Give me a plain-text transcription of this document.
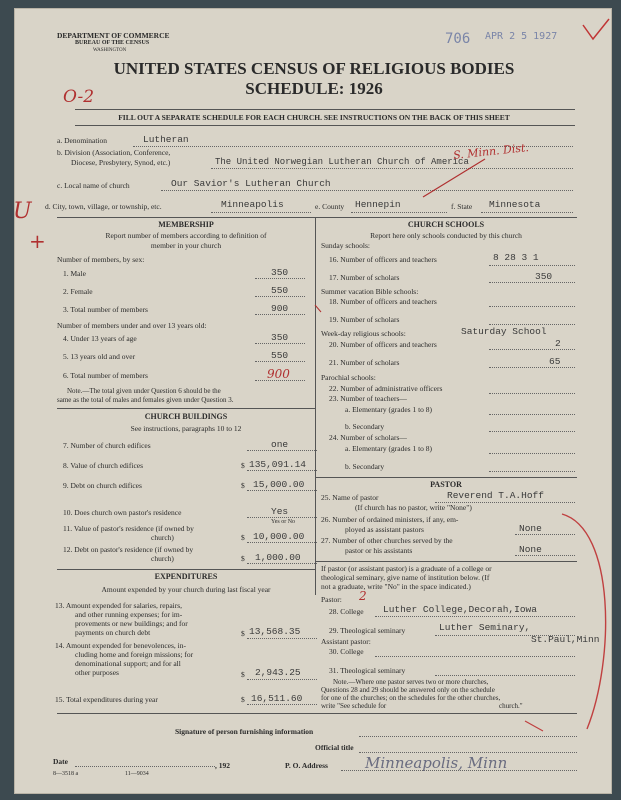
DEPARTMENT OF COMMERCE
BUREAU OF THE CENSUS
WASHINGTON
706 APR 2 5 1927
UNITED STATES CENSUS OF RELIGIOUS BODIES
SCHEDULE: 1926
O-2
FILL OUT A SEPARATE SCHEDULE FOR EACH CHURCH. SEE INSTRUCTIONS ON THE BACK OF THIS SHEET
a. Denomination	Lutheran
b. Division (Association, Conference,
Diocese, Presbytery, Synod, etc.)	The United Norwegian Lutheran Church of America
S. Minn. Dist.
c. Local name of church	Our Savior's Lutheran Church
d. City, town, village, or township, etc.	Minneapolis	e. County Hennepin	f. State Minnesota
U
+
MEMBERSHIP
Report number of members according to definition of
member in your church
Number of members, by sex:
1. Male	350
2. Female	550
3. Total number of members	900
Number of members under and over 13 years old:
4. Under 13 years of age	350
5. 13 years old and over	550
6. Total number of members	900
Note.—The total given under Question 6 should be the
same as the total of males and females given under Question 3.
CHURCH BUILDINGS
See instructions, paragraphs 10 to 12
7. Number of church edifices	one
8. Value of church edifices	$ 135,091.14
9. Debt on church edifices	$ 15,000.00
10. Does church own pastor's residence	Yes
Yes or No
11. Value of pastor's residence (if owned by
church)	$ 10,000.00
12. Debt on pastor's residence (if owned by
church)	$ 1,000.00
EXPENDITURES
Amount expended by your church during last fiscal year
13. Amount expended for salaries, repairs,
and other running expenses; for im-
provements or new buildings; and for
payments on church debt	$ 13,568.35
14. Amount expended for benevolences, in-
cluding home and foreign missions; for
denominational support; and for all
other purposes	$ 2,943.25
15. Total expenditures during year	$ 16,511.60
CHURCH SCHOOLS
Report here only schools conducted by this church
Sunday schools:
16. Number of officers and teachers	8 28 3 1
17. Number of scholars	350
Summer vacation Bible schools:
18. Number of officers and teachers
19. Number of scholars
Week-day religious schools:	Saturday School
20. Number of officers and teachers	2
21. Number of scholars	65
Parochial schools:
22. Number of administrative officers
23. Number of teachers—
a. Elementary (grades 1 to 8)
b. Secondary
24. Number of scholars—
a. Elementary (grades 1 to 8)
b. Secondary
PASTOR
25. Name of pastor	Reverend T.A.Hoff
(If church has no pastor, write "None")
26. Number of ordained ministers, if any, em-
ployed as assistant pastors	None
27. Number of other churches served by the
pastor or his assistants	None
If pastor (or assistant pastor) is a graduate of a college or
theological seminary, give name of institution below. (If
not a graduate, write "No" in the space indicated.)
Pastor: 2
28. College Luther College,Decorah,Iowa
29. Theological seminary	Luther Seminary,
St.Paul,Minn
Assistant pastor:
30. College
31. Theological seminary
Note.—Where one pastor serves two or more churches,
Questions 28 and 29 should be answered only on the schedule
for one of the churches; on the schedules for the other churches,
write "See schedule for	church."
Signature of person furnishing information
Official title
Date	, 192	P. O. Address Minneapolis, Minn
8—3518 a	11—9034
